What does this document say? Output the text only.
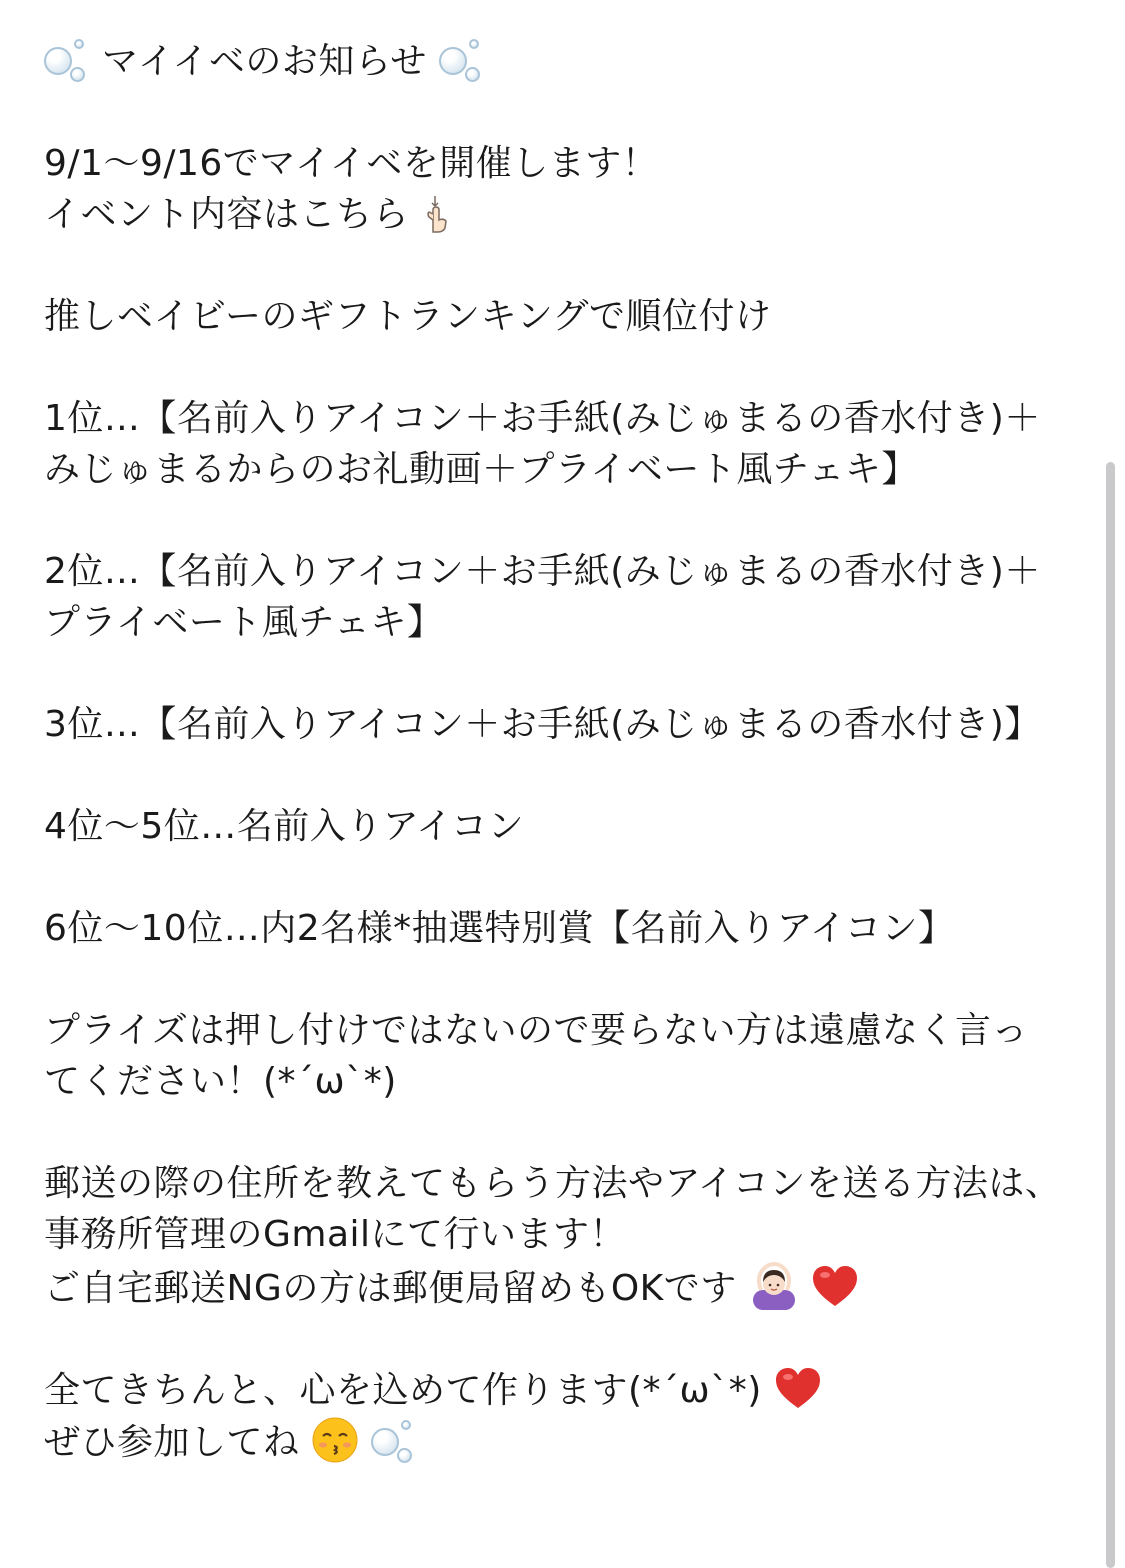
マイイベのお知らせ
9/1〜9/16でマイイベを開催します！
イベント内容はこちら
推しベイビーのギフトランキングで順位付け
1位…【名前入りアイコン＋お手紙(みじゅまるの香水付き)＋みじゅまるからのお礼動画＋プライベート風チェキ】
2位…【名前入りアイコン＋お手紙(みじゅまるの香水付き)＋プライベート風チェキ】
3位…【名前入りアイコン＋お手紙(みじゅまるの香水付き)】
4位〜5位…名前入りアイコン
6位〜10位…内2名様*抽選特別賞【名前入りアイコン】
プライズは押し付けではないので要らない方は遠慮なく言ってください！(*´ω`*)
郵送の際の住所を教えてもらう方法やアイコンを送る方法は、事務所管理のGmailにて行います！
ご自宅郵送NGの方は郵便局留めもOKです
全てきちんと、心を込めて作ります(*´ω`*)
ぜひ参加してね
